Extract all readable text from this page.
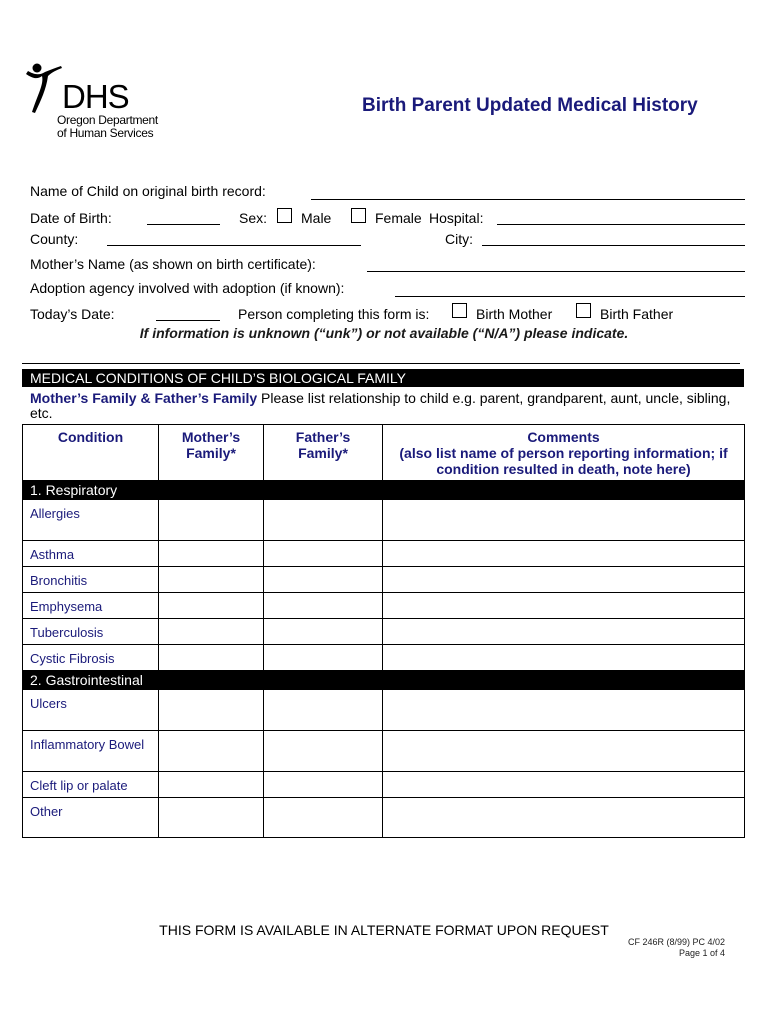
DHS
Oregon Department
of Human Services
Birth Parent Updated Medical History
Name of Child on original birth record:
Date of Birth:	Sex: Male	Female Hospital:
County:	City:
Mother’s Name (as shown on birth certificate):
Adoption agency involved with adoption (if known):
Today’s Date:	Person completing this form is:	Birth Mother	Birth Father
If information is unknown (“unk”) or not available (“N/A”) please indicate.
MEDICAL CONDITIONS OF CHILD’S BIOLOGICAL FAMILY
Mother’s Family & Father’s Family Please list relationship to child e.g. parent, grandparent, aunt, uncle, sibling, etc.
Condition	Mother’s Family*	Father’s Family*	Comments
(also list name of person reporting information; if condition resulted in death, note here)

1. Respiratory			
Allergies			
Asthma			
Bronchitis			
Emphysema			
Tuberculosis			
Cystic Fibrosis			
2. Gastrointestinal			
Ulcers			
Inflammatory Bowel			
Cleft lip or palate			
Other			
THIS FORM IS AVAILABLE IN ALTERNATE FORMAT UPON REQUEST
CF 246R (8/99) PC 4/02
Page 1 of 4
